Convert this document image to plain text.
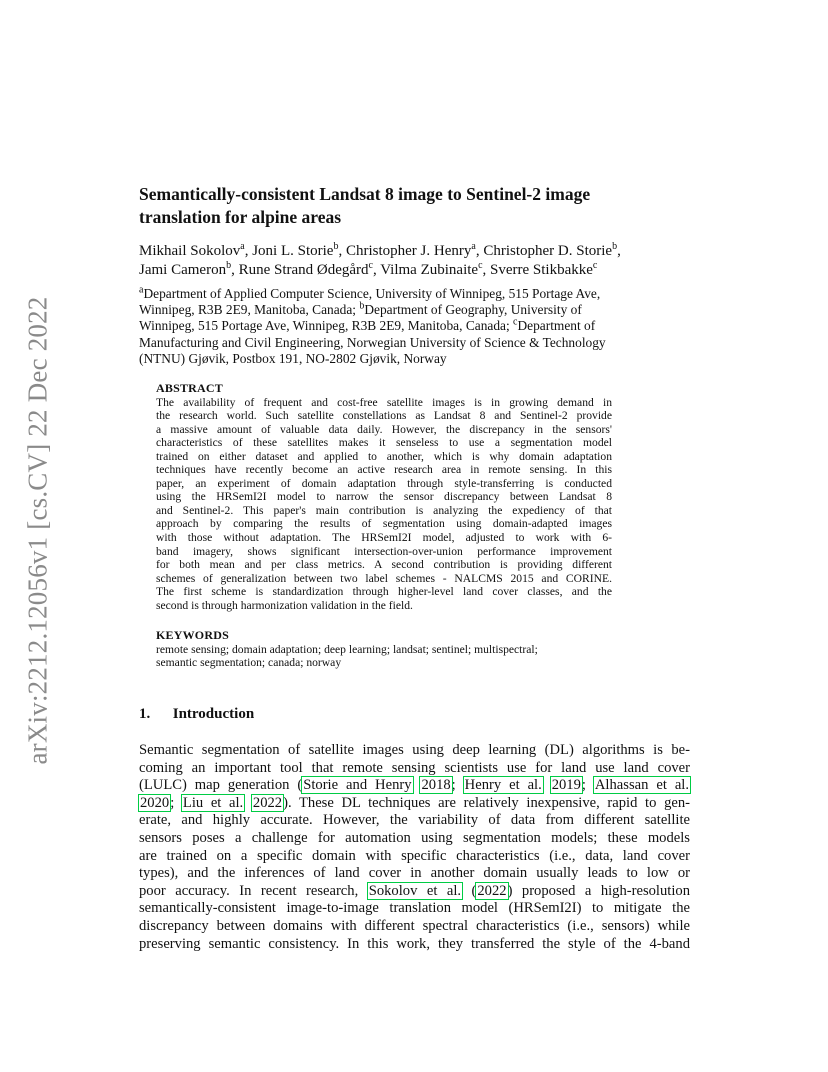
arXiv:2212.12056v1 [cs.CV] 22 Dec 2022
Semantically-consistent Landsat 8 image to Sentinel-2 image
translation for alpine areas
Mikhail Sokolov$^a$, Joni L. Storie$^b$, Christopher J. Henry$^a$, Christopher D. Storie$^b$,
Jami Cameron$^b$, Rune Strand Ødegård$^c$, Vilma Zubinaite$^c$, Sverre Stikbakke$^c$
$^a$Department of Applied Computer Science, University of Winnipeg, 515 Portage Ave,
Winnipeg, R3B 2E9, Manitoba, Canada; $^b$Department of Geography, University of
Winnipeg, 515 Portage Ave, Winnipeg, R3B 2E9, Manitoba, Canada; $^c$Department of
Manufacturing and Civil Engineering, Norwegian University of Science & Technology
(NTNU) Gjøvik, Postbox 191, NO-2802 Gjøvik, Norway
ABSTRACT
The availability of frequent and cost-free satellite images is in growing demand in
the research world. Such satellite constellations as Landsat 8 and Sentinel-2 provide
a massive amount of valuable data daily. However, the discrepancy in the sensors'
characteristics of these satellites makes it senseless to use a segmentation model
trained on either dataset and applied to another, which is why domain adaptation
techniques have recently become an active research area in remote sensing. In this
paper, an experiment of domain adaptation through style-transferring is conducted
using the HRSemI2I model to narrow the sensor discrepancy between Landsat 8
and Sentinel-2. This paper's main contribution is analyzing the expediency of that
approach by comparing the results of segmentation using domain-adapted images
with those without adaptation. The HRSemI2I model, adjusted to work with 6-
band imagery, shows significant intersection-over-union performance improvement
for both mean and per class metrics. A second contribution is providing different
schemes of generalization between two label schemes - NALCMS 2015 and CORINE.
The first scheme is standardization through higher-level land cover classes, and the
second is through harmonization validation in the field.
KEYWORDS
remote sensing; domain adaptation; deep learning; landsat; sentinel; multispectral;
semantic segmentation; canada; norway
1. Introduction
Semantic segmentation of satellite images using deep learning (DL) algorithms is be-
coming an important tool that remote sensing scientists use for land use land cover
(LULC) map generation (Storie and Henry 2018; Henry et al. 2019; Alhassan et al.
2020; Liu et al. 2022). These DL techniques are relatively inexpensive, rapid to gen-
erate, and highly accurate. However, the variability of data from different satellite
sensors poses a challenge for automation using segmentation models; these models
are trained on a specific domain with specific characteristics (i.e., data, land cover
types), and the inferences of land cover in another domain usually leads to low or
poor accuracy. In recent research, Sokolov et al. (2022) proposed a high-resolution
semantically-consistent image-to-image translation model (HRSemI2I) to mitigate the
discrepancy between domains with different spectral characteristics (i.e., sensors) while
preserving semantic consistency. In this work, they transferred the style of the 4-band
